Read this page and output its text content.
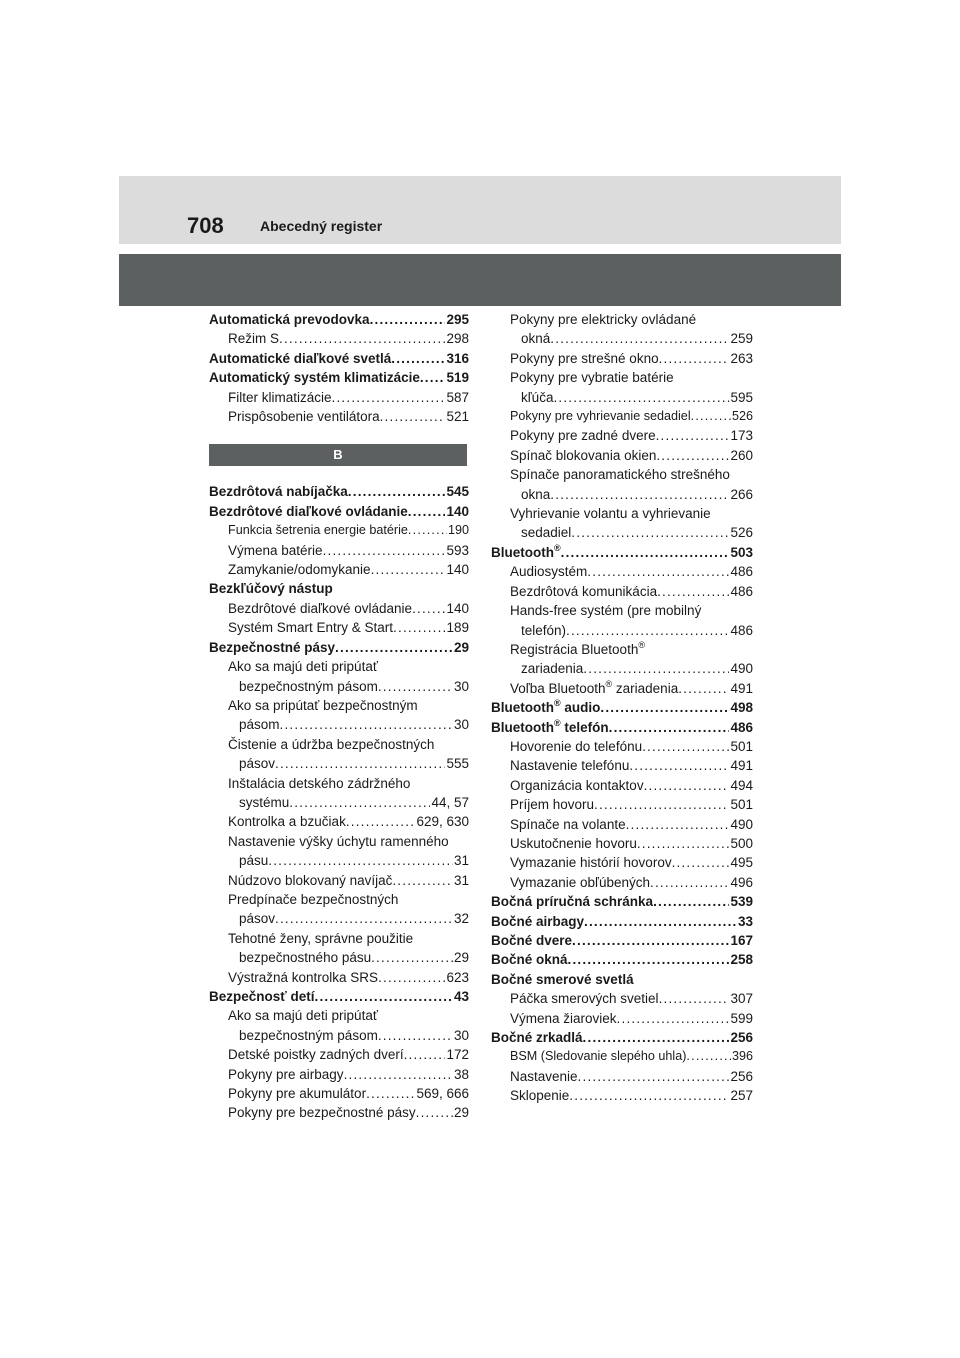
708	Abecedný register
Automatická prevodovka .....	295
Režim S .....	298
Automatické diaľkové svetlá .....	316
Automatický systém klimatizácie ..... 519
Filter klimatizácie .....	587
Prispôsobenie ventilátora .....	521
B
Bezdrôtová nabíjačka .....	545
Bezdrôtové diaľkové ovládanie .....	140
Funkcia šetrenia energie batérie .....	190
Výmena batérie .....	593
Zamykanie/odomykanie .....	140
Bezkľúčový nástup
Bezdrôtové diaľkové ovládanie .....	140
Systém Smart Entry & Start .....	189
Bezpečnostné pásy .....	29
Ako sa majú deti pripútať
bezpečnostným pásom .....	30
Ako sa pripútať bezpečnostným
pásom .....	30
Čistenie a údržba bezpečnostných
pásov .....	555
Inštalácia detského zádržného
systému .....	44, 57
Kontrolka a bzučiak .....	629, 630
Nastavenie výšky úchytu ramenného
pásu .....	31
Núdzovo blokovaný navíjač .....	31
Predpínače bezpečnostných
pásov .....	32
Tehotné ženy, správne použitie
bezpečnostného pásu .....	29
Výstražná kontrolka SRS .....	623
Bezpečnosť detí .....	43
Ako sa majú deti pripútať
bezpečnostným pásom .....	30
Detské poistky zadných dverí .....	172
Pokyny pre airbagy .....	38
Pokyny pre akumulátor .....	569, 666
Pokyny pre bezpečnostné pásy .....	29
Pokyny pre elektricky ovládané
okná .....	259
Pokyny pre strešné okno .....	263
Pokyny pre vybratie batérie
kľúča .....	595
Pokyny pre vyhrievanie sedadiel .....	526
Pokyny pre zadné dvere .....	173
Spínač blokovania okien .....	260
Spínače panoramatického strešného
okna .....	266
Vyhrievanie volantu a vyhrievanie
sedadiel .....	526
Bluetooth® .....	503
Audiosystém .....	486
Bezdrôtová komunikácia .....	486
Hands-free systém (pre mobilný
telefón) .....	486
Registrácia Bluetooth®
zariadenia .....	490
Voľba Bluetooth® zariadenia .....	491
Bluetooth® audio .....	498
Bluetooth® telefón .....	486
Hovorenie do telefónu .....	501
Nastavenie telefónu .....	491
Organizácia kontaktov .....	494
Príjem hovoru .....	501
Spínače na volante .....	490
Uskutočnenie hovoru .....	500
Vymazanie histórií hovorov .....	495
Vymazanie obľúbených .....	496
Bočná príručná schránka .....	539
Bočné airbagy .....	33
Bočné dvere .....	167
Bočné okná .....	258
Bočné smerové svetlá
Páčka smerových svetiel .....	307
Výmena žiaroviek .....	599
Bočné zrkadlá .....	256
BSM (Sledovanie slepého uhla) .....	396
Nastavenie .....	256
Sklopenie .....	257
